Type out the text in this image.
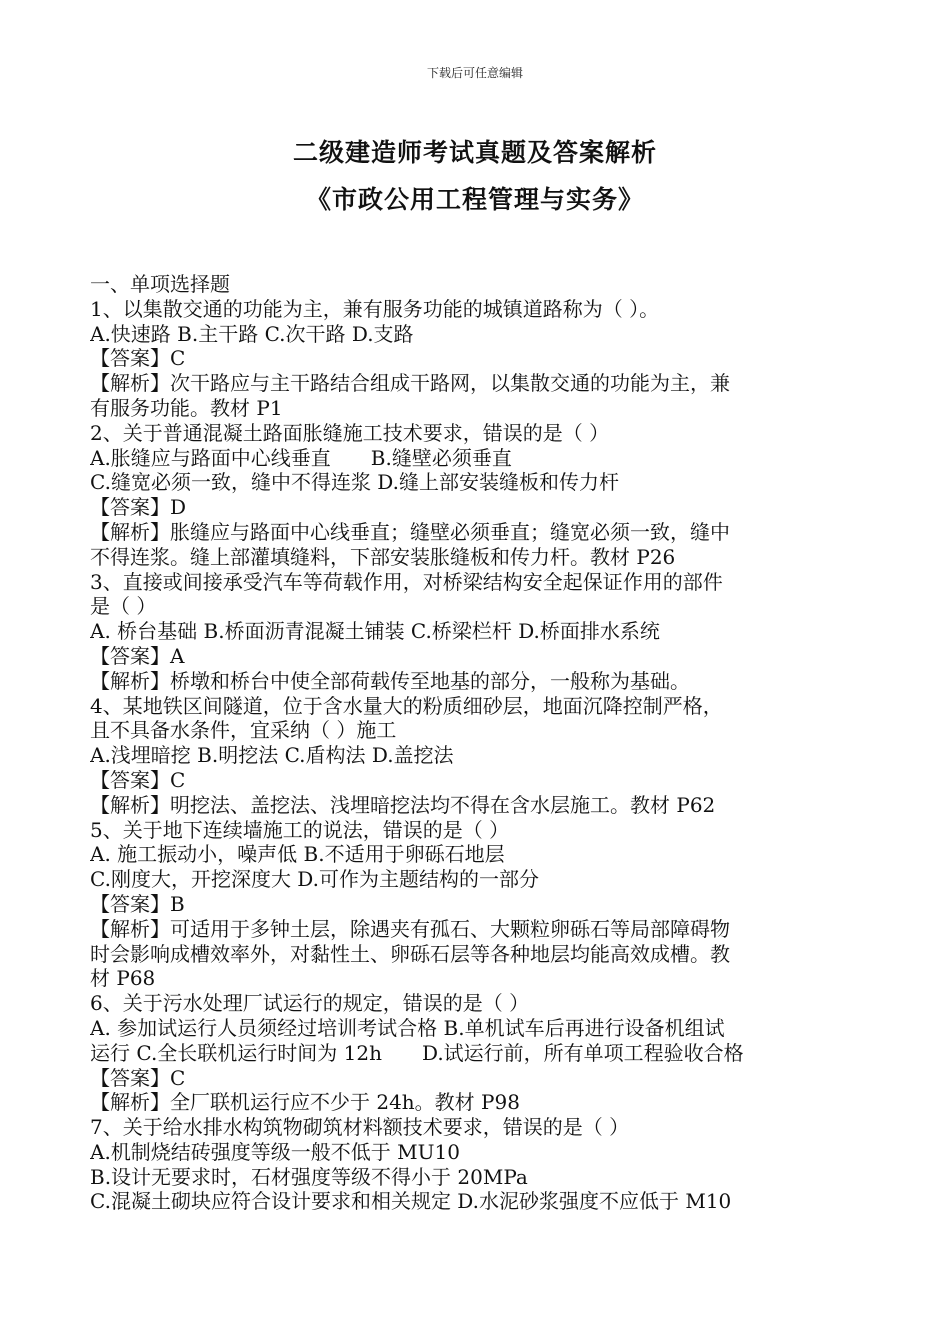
下载后可任意编辑
二级建造师考试真题及答案解析
《市政公用工程管理与实务》
一、单项选择题
1、以集散交通的功能为主，兼有服务功能的城镇道路称为（ ）。
A.快速路 B.主干路 C.次干路 D.支路
【答案】C
【解析】次干路应与主干路结合组成干路网，以集散交通的功能为主，兼
有服务功能。教材 P1
2、关于普通混凝土路面胀缝施工技术要求，错误的是（ ）
A.胀缝应与路面中心线垂直　　B.缝壁必须垂直
C.缝宽必须一致，缝中不得连浆 D.缝上部安装缝板和传力杆
【答案】D
【解析】胀缝应与路面中心线垂直；缝壁必须垂直；缝宽必须一致，缝中
不得连浆。缝上部灌填缝料，下部安装胀缝板和传力杆。教材 P26
3、直接或间接承受汽车等荷载作用，对桥梁结构安全起保证作用的部件
是（ ）
A. 桥台基础 B.桥面沥青混凝土铺装 C.桥梁栏杆 D.桥面排水系统
【答案】A
【解析】桥墩和桥台中使全部荷载传至地基的部分，一般称为基础。
4、某地铁区间隧道，位于含水量大的粉质细砂层，地面沉降控制严格，
且不具备水条件，宜采纳（ ）施工
A.浅埋暗挖 B.明挖法 C.盾构法 D.盖挖法
【答案】C
【解析】明挖法、盖挖法、浅埋暗挖法均不得在含水层施工。教材 P62
5、关于地下连续墙施工的说法，错误的是（ ）
A. 施工振动小，噪声低 B.不适用于卵砾石地层
C.刚度大，开挖深度大 D.可作为主题结构的一部分
【答案】B
【解析】可适用于多钟土层，除遇夹有孤石、大颗粒卵砾石等局部障碍物
时会影响成槽效率外，对黏性土、卵砾石层等各种地层均能高效成槽。教
材 P68
6、关于污水处理厂试运行的规定，错误的是（ ）
A. 参加试运行人员须经过培训考试合格 B.单机试车后再进行设备机组试
运行 C.全长联机运行时间为 12h　　D.试运行前，所有单项工程验收合格
【答案】C
【解析】全厂联机运行应不少于 24h。教材 P98
7、关于给水排水构筑物砌筑材料额技术要求，错误的是（ ）
A.机制烧结砖强度等级一般不低于 MU10
B.设计无要求时，石材强度等级不得小于 20MPa
C.混凝土砌块应符合设计要求和相关规定 D.水泥砂浆强度不应低于 M10
